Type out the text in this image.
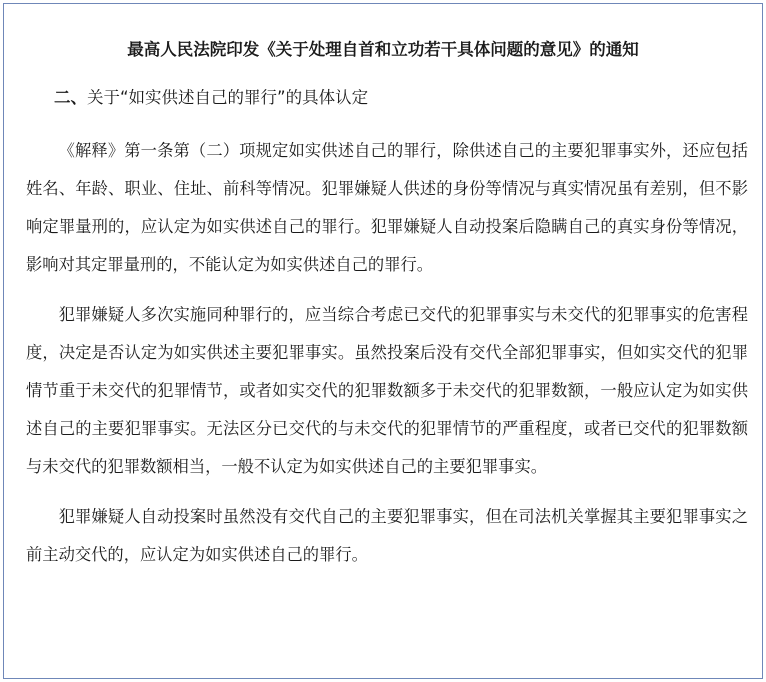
最高人民法院印发《关于处理自首和立功若干具体问题的意见》的通知
二、关于“如实供述自己的罪行”的具体认定

《解释》第一条第（二）项规定如实供述自己的罪行，除供述自己的主要犯罪事实外，还应包括姓名、年龄、职业、住址、前科等情况。犯罪嫌疑人供述的身份等情况与真实情况虽有差别，但不影响定罪量刑的，应认定为如实供述自己的罪行。犯罪嫌疑人自动投案后隐瞒自己的真实身份等情况，影响对其定罪量刑的，不能认定为如实供述自己的罪行。

犯罪嫌疑人多次实施同种罪行的，应当综合考虑已交代的犯罪事实与未交代的犯罪事实的危害程度，决定是否认定为如实供述主要犯罪事实。虽然投案后没有交代全部犯罪事实，但如实交代的犯罪情节重于未交代的犯罪情节，或者如实交代的犯罪数额多于未交代的犯罪数额，一般应认定为如实供述自己的主要犯罪事实。无法区分已交代的与未交代的犯罪情节的严重程度，或者已交代的犯罪数额与未交代的犯罪数额相当，一般不认定为如实供述自己的主要犯罪事实。

犯罪嫌疑人自动投案时虽然没有交代自己的主要犯罪事实，但在司法机关掌握其主要犯罪事实之前主动交代的，应认定为如实供述自己的罪行。
